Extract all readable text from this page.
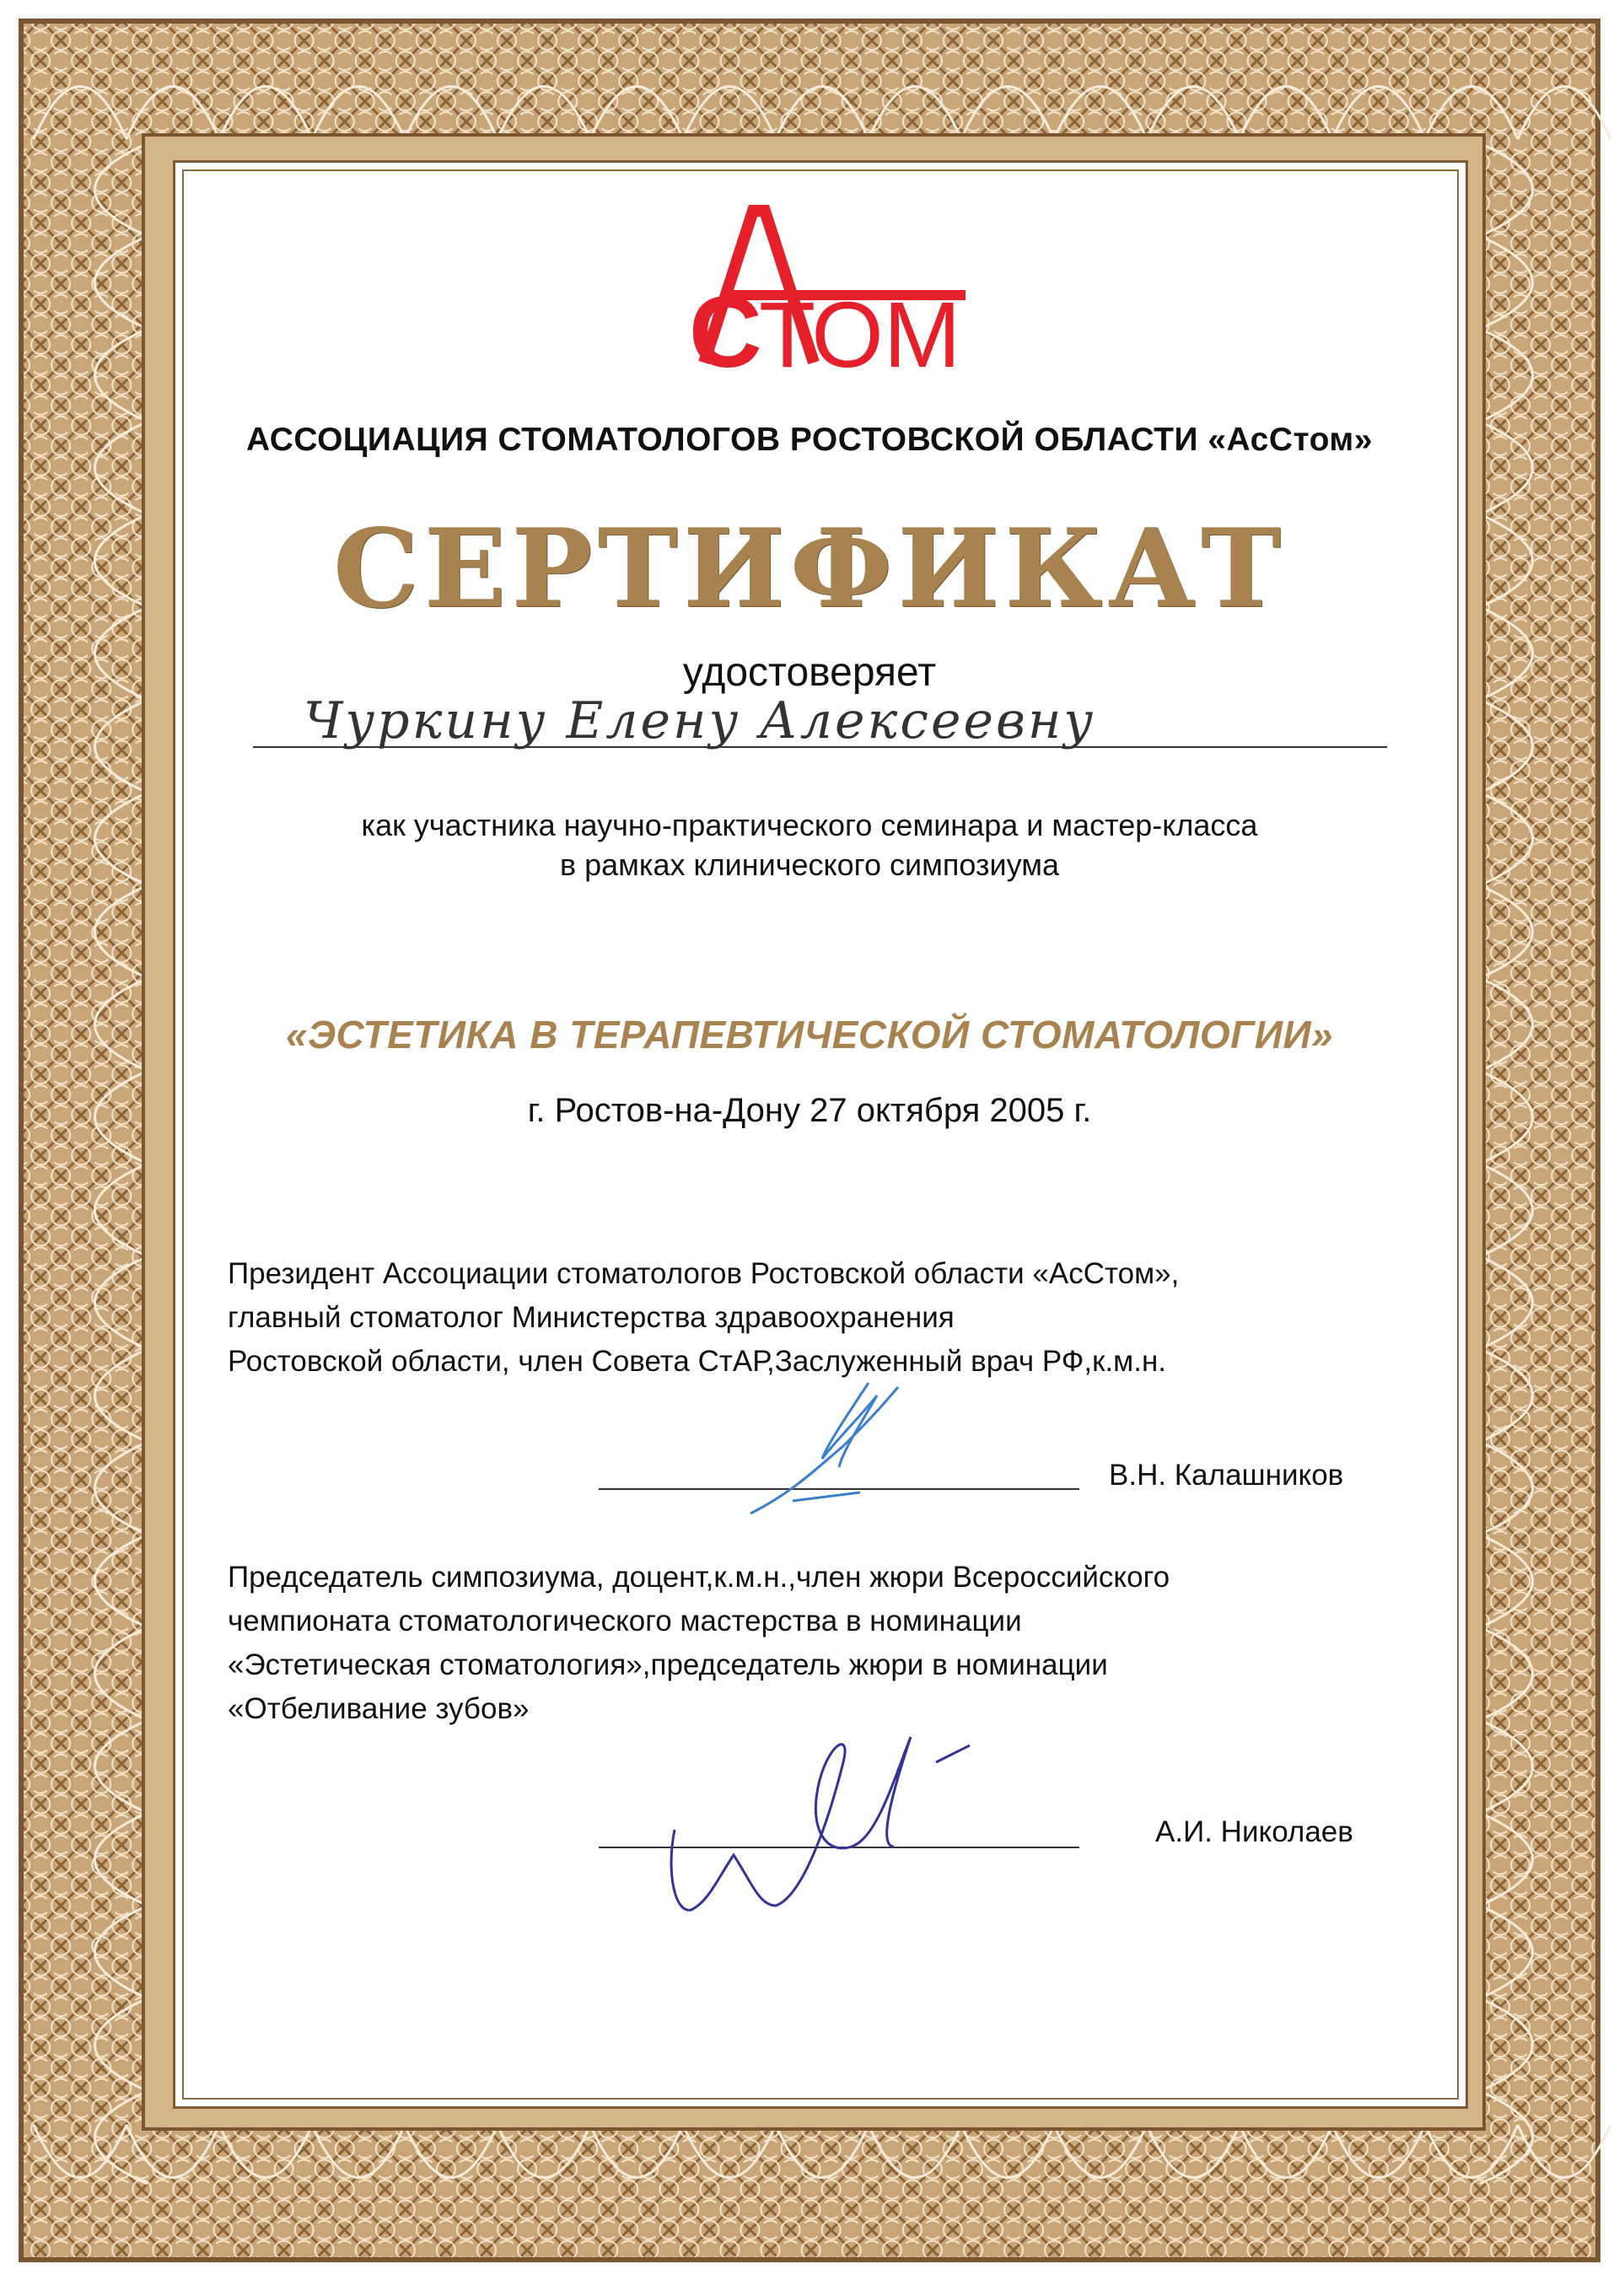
С
ТОМ
АССОЦИАЦИЯ СТОМАТОЛОГОВ РОСТОВСКОЙ ОБЛАСТИ «АсСтом»
СЕРТИФИКАТ
удостоверяет
Чуркину Елену Алексеевну
как участника научно-практического семинара и мастер-класса
в рамках клинического симпозиума
«ЭСТЕТИКА В ТЕРАПЕВТИЧЕСКОЙ СТОМАТОЛОГИИ»
г. Ростов-на-Дону 27 октября 2005 г.
Президент Ассоциации стоматологов Ростовской области «АсСтом»,
главный стоматолог Министерства здравоохранения
Ростовской области, член Совета СтАР,Заслуженный врач РФ,к.м.н.
В.Н. Калашников
Председатель симпозиума, доцент,к.м.н.,член жюри Всероссийского
чемпионата стоматологического мастерства в номинации
«Эстетическая стоматология»,председатель жюри в номинации
«Отбеливание зубов»
А.И. Николаев
